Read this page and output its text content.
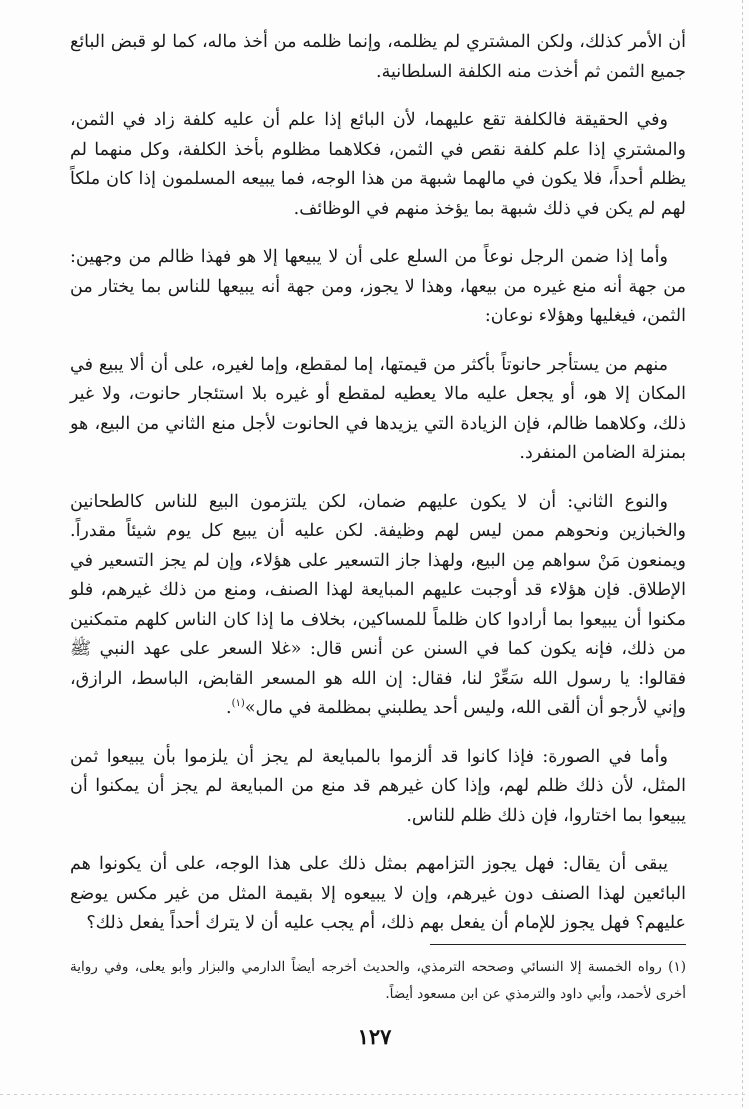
أن الأمر كذلك، ولكن المشتري لم يظلمه، وإنما ظلمه من أخذ ماله، كما لو قبض البائع جميع الثمن ثم أخذت منه الكلفة السلطانية.

وفي الحقيقة فالكلفة تقع عليهما، لأن البائع إذا علم أن عليه كلفة زاد في الثمن، والمشتري إذا علم كلفة نقص في الثمن، فكلاهما مظلوم بأخذ الكلفة، وكل منهما لم يظلم أحداً، فلا يكون في مالهما شبهة من هذا الوجه، فما يبيعه المسلمون إذا كان ملكاً لهم لم يكن في ذلك شبهة بما يؤخذ منهم في الوظائف.

وأما إذا ضمن الرجل نوعاً من السلع على أن لا يبيعها إلا هو فهذا ظالم من وجهين: من جهة أنه منع غيره من بيعها، وهذا لا يجوز، ومن جهة أنه يبيعها للناس بما يختار من الثمن، فيغليها وهؤلاء نوعان:

منهم من يستأجر حانوتاً بأكثر من قيمتها، إما لمقطع، وإما لغيره، على أن ألا يبيع في المكان إلا هو، أو يجعل عليه مالا يعطيه لمقطع أو غيره بلا استئجار حانوت، ولا غير ذلك، وكلاهما ظالم، فإن الزيادة التي يزيدها في الحانوت لأجل منع الثاني من البيع، هو بمنزلة الضامن المنفرد.

والنوع الثاني: أن لا يكون عليهم ضمان، لكن يلتزمون البيع للناس كالطحانين والخبازين ونحوهم ممن ليس لهم وظيفة. لكن عليه أن يبيع كل يوم شيئاً مقدراً. ويمنعون مَنْ سواهم مِن البيع، ولهذا جاز التسعير على هؤلاء، وإن لم يجز التسعير في الإطلاق. فإن هؤلاء قد أوجبت عليهم المبايعة لهذا الصنف، ومنع من ذلك غيرهم، فلو مكنوا أن يبيعوا بما أرادوا كان ظلماً للمساكين، بخلاف ما إذا كان الناس كلهم متمكنين من ذلك، فإنه يكون كما في السنن عن أنس قال: «غلا السعر على عهد النبي ﷺ فقالوا: يا رسول الله سَعِّرْ لنا، فقال: إن الله هو المسعر القابض، الباسط، الرازق، وإني لأرجو أن ألقى الله، وليس أحد يطلبني بمظلمة في مال»$^{(١)}$.

وأما في الصورة: فإذا كانوا قد ألزموا بالمبايعة لم يجز أن يلزموا بأن يبيعوا ثمن المثل، لأن ذلك ظلم لهم، وإذا كان غيرهم قد منع من المبايعة لم يجز أن يمكنوا أن يبيعوا بما اختاروا، فإن ذلك ظلم للناس.

يبقى أن يقال: فهل يجوز التزامهم بمثل ذلك على هذا الوجه، على أن يكونوا هم البائعين لهذا الصنف دون غيرهم، وإن لا يبيعوه إلا بقيمة المثل من غير مكس يوضع عليهم؟ فهل يجوز للإمام أن يفعل بهم ذلك، أم يجب عليه أن لا يترك أحداً يفعل ذلك؟

(١) رواه الخمسة إلا النسائي وصححه الترمذي، والحديث أخرجه أيضاً الدارمي والبزار وأبو يعلى، وفي رواية أخرى لأحمد، وأبي داود والترمذي عن ابن مسعود أيضاً.
١٢٧
